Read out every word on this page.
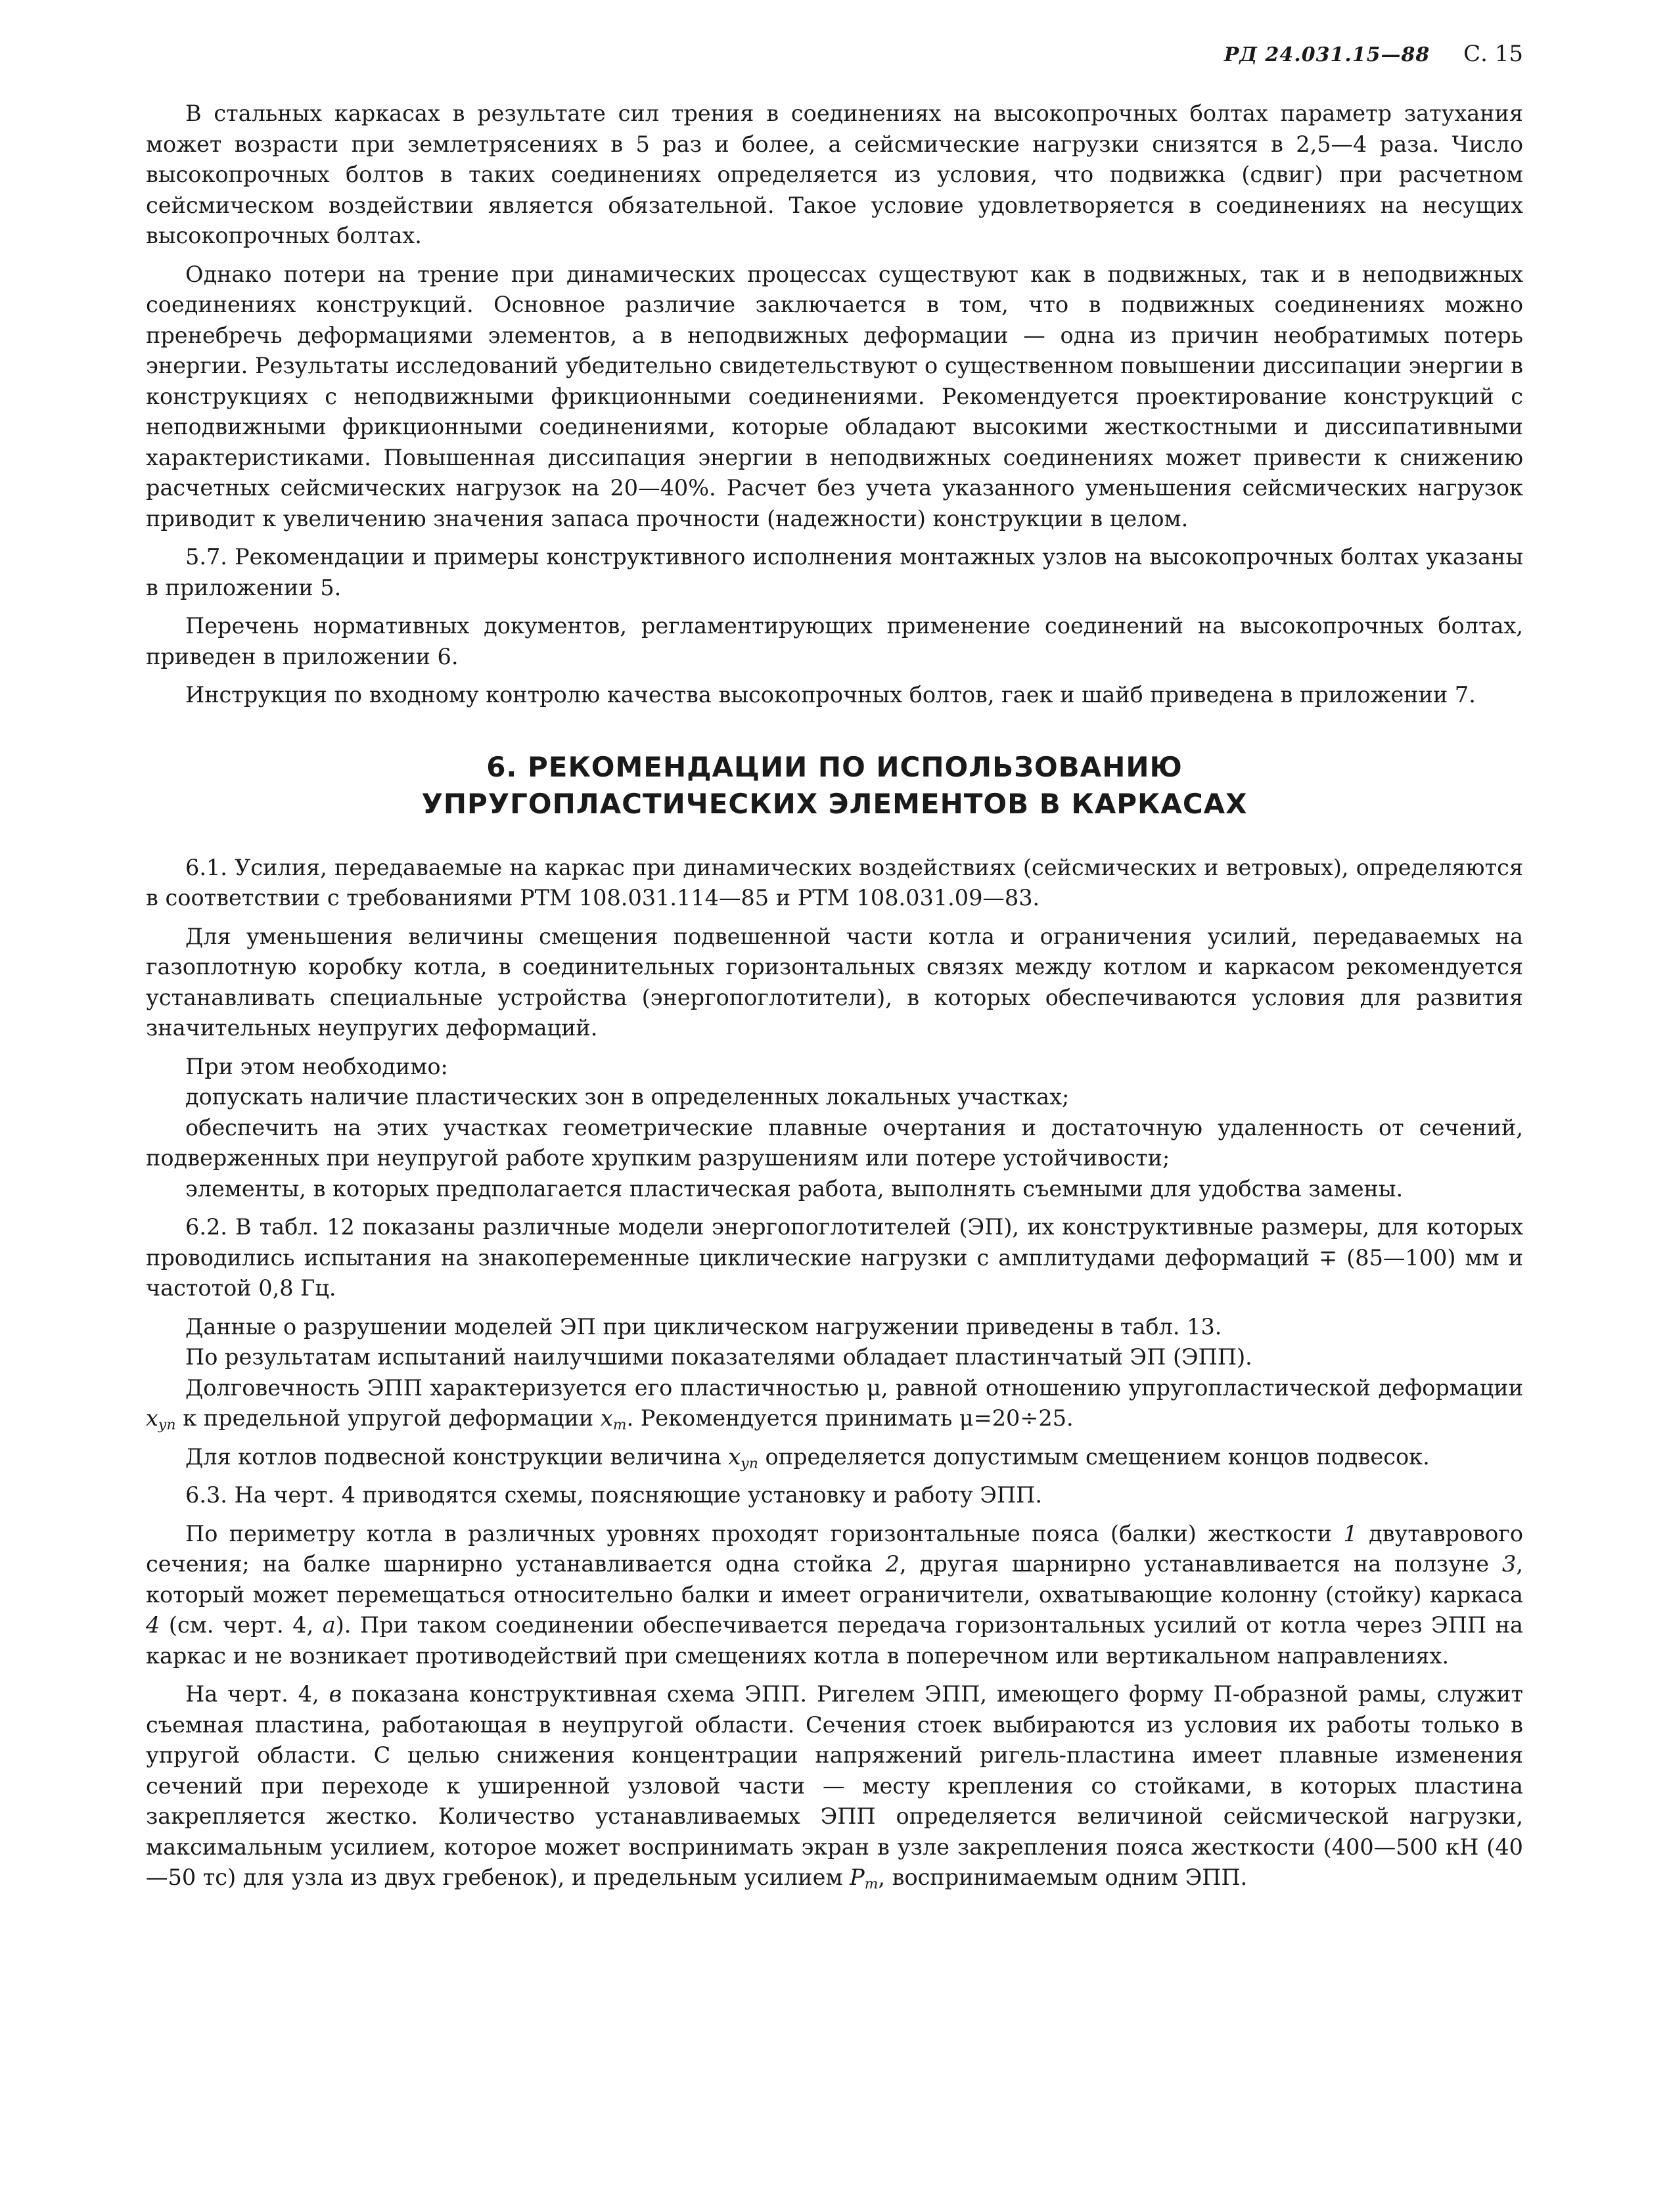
РД 24.031.15—88 С. 15

В стальных каркасах в результате сил трения в соединениях на высокопрочных болтах параметр затухания может возрасти при землетрясениях в 5 раз и более, а сейсмические нагрузки снизятся в 2,5—4 раза. Число высокопрочных болтов в таких соединениях определяется из условия, что подвижка (сдвиг) при расчетном сейсмическом воздействии является обязательной. Такое условие удовлетворяется в соединениях на несущих высокопрочных болтах.

Однако потери на трение при динамических процессах существуют как в подвижных, так и в неподвижных соединениях конструкций. Основное различие заключается в том, что в подвижных соединениях можно пренебречь деформациями элементов, а в неподвижных деформации — одна из причин необратимых потерь энергии. Результаты исследований убедительно свидетельствуют о существенном повышении диссипации энергии в конструкциях с неподвижными фрикционными соединениями. Рекомендуется проектирование конструкций с неподвижными фрикционными соединениями, которые обладают высокими жесткостными и диссипативными характеристиками. Повышенная диссипация энергии в неподвижных соединениях может привести к снижению расчетных сейсмических нагрузок на 20—40%. Расчет без учета указанного уменьшения сейсмических нагрузок приводит к увеличению значения запаса прочности (надежности) конструкции в целом.

5.7. Рекомендации и примеры конструктивного исполнения монтажных узлов на высокопрочных болтах указаны в приложении 5.

Перечень нормативных документов, регламентирующих применение соединений на высокопрочных болтах, приведен в приложении 6.

Инструкция по входному контролю качества высокопрочных болтов, гаек и шайб приведена в приложении 7.

6. РЕКОМЕНДАЦИИ ПО ИСПОЛЬЗОВАНИЮ
УПРУГОПЛАСТИЧЕСКИХ ЭЛЕМЕНТОВ В КАРКАСАХ

6.1. Усилия, передаваемые на каркас при динамических воздействиях (сейсмических и ветровых), определяются в соответствии с требованиями РТМ 108.031.114—85 и РТМ 108.031.09—83.

Для уменьшения величины смещения подвешенной части котла и ограничения усилий, передаваемых на газоплотную коробку котла, в соединительных горизонтальных связях между котлом и каркасом рекомендуется устанавливать специальные устройства (энергопоглотители), в которых обеспечиваются условия для развития значительных неупругих деформаций.

При этом необходимо:

допускать наличие пластических зон в определенных локальных участках;

обеспечить на этих участках геометрические плавные очертания и достаточную удаленность от сечений, подверженных при неупругой работе хрупким разрушениям или потере устойчивости;

элементы, в которых предполагается пластическая работа, выполнять съемными для удобства замены.

6.2. В табл. 12 показаны различные модели энергопоглотителей (ЭП), их конструктивные размеры, для которых проводились испытания на знакопеременные циклические нагрузки с амплитудами деформаций ∓ (85—100) мм и частотой 0,8 Гц.

Данные о разрушении моделей ЭП при циклическом нагружении приведены в табл. 13.

По результатам испытаний наилучшими показателями обладает пластинчатый ЭП (ЭПП).

Долговечность ЭПП характеризуется его пластичностью μ, равной отношению упругопластической деформации $x_{уп}$ к предельной упругой деформации $x_т$. Рекомендуется принимать μ=20÷25.

Для котлов подвесной конструкции величина $x_{уп}$ определяется допустимым смещением концов подвесок.

6.3. На черт. 4 приводятся схемы, поясняющие установку и работу ЭПП.

По периметру котла в различных уровнях проходят горизонтальные пояса (балки) жесткости 1 двутаврового сечения; на балке шарнирно устанавливается одна стойка 2, другая шарнирно устанавливается на ползуне 3, который может перемещаться относительно балки и имеет ограничители, охватывающие колонну (стойку) каркаса 4 (см. черт. 4, а). При таком соединении обеспечивается передача горизонтальных усилий от котла через ЭПП на каркас и не возникает противодействий при смещениях котла в поперечном или вертикальном направлениях.

На черт. 4, в показана конструктивная схема ЭПП. Ригелем ЭПП, имеющего форму П-образной рамы, служит съемная пластина, работающая в неупругой области. Сечения стоек выбираются из условия их работы только в упругой области. С целью снижения концентрации напряжений ригель-пластина имеет плавные изменения сечений при переходе к уширенной узловой части — месту крепления со стойками, в которых пластина закрепляется жестко. Количество устанавливаемых ЭПП определяется величиной сейсмической нагрузки, максимальным усилием, которое может воспринимать экран в узле закрепления пояса жесткости (400—500 кН (40—50 тс) для узла из двух гребенок), и предельным усилием $P_т$, воспринимаемым одним ЭПП.
